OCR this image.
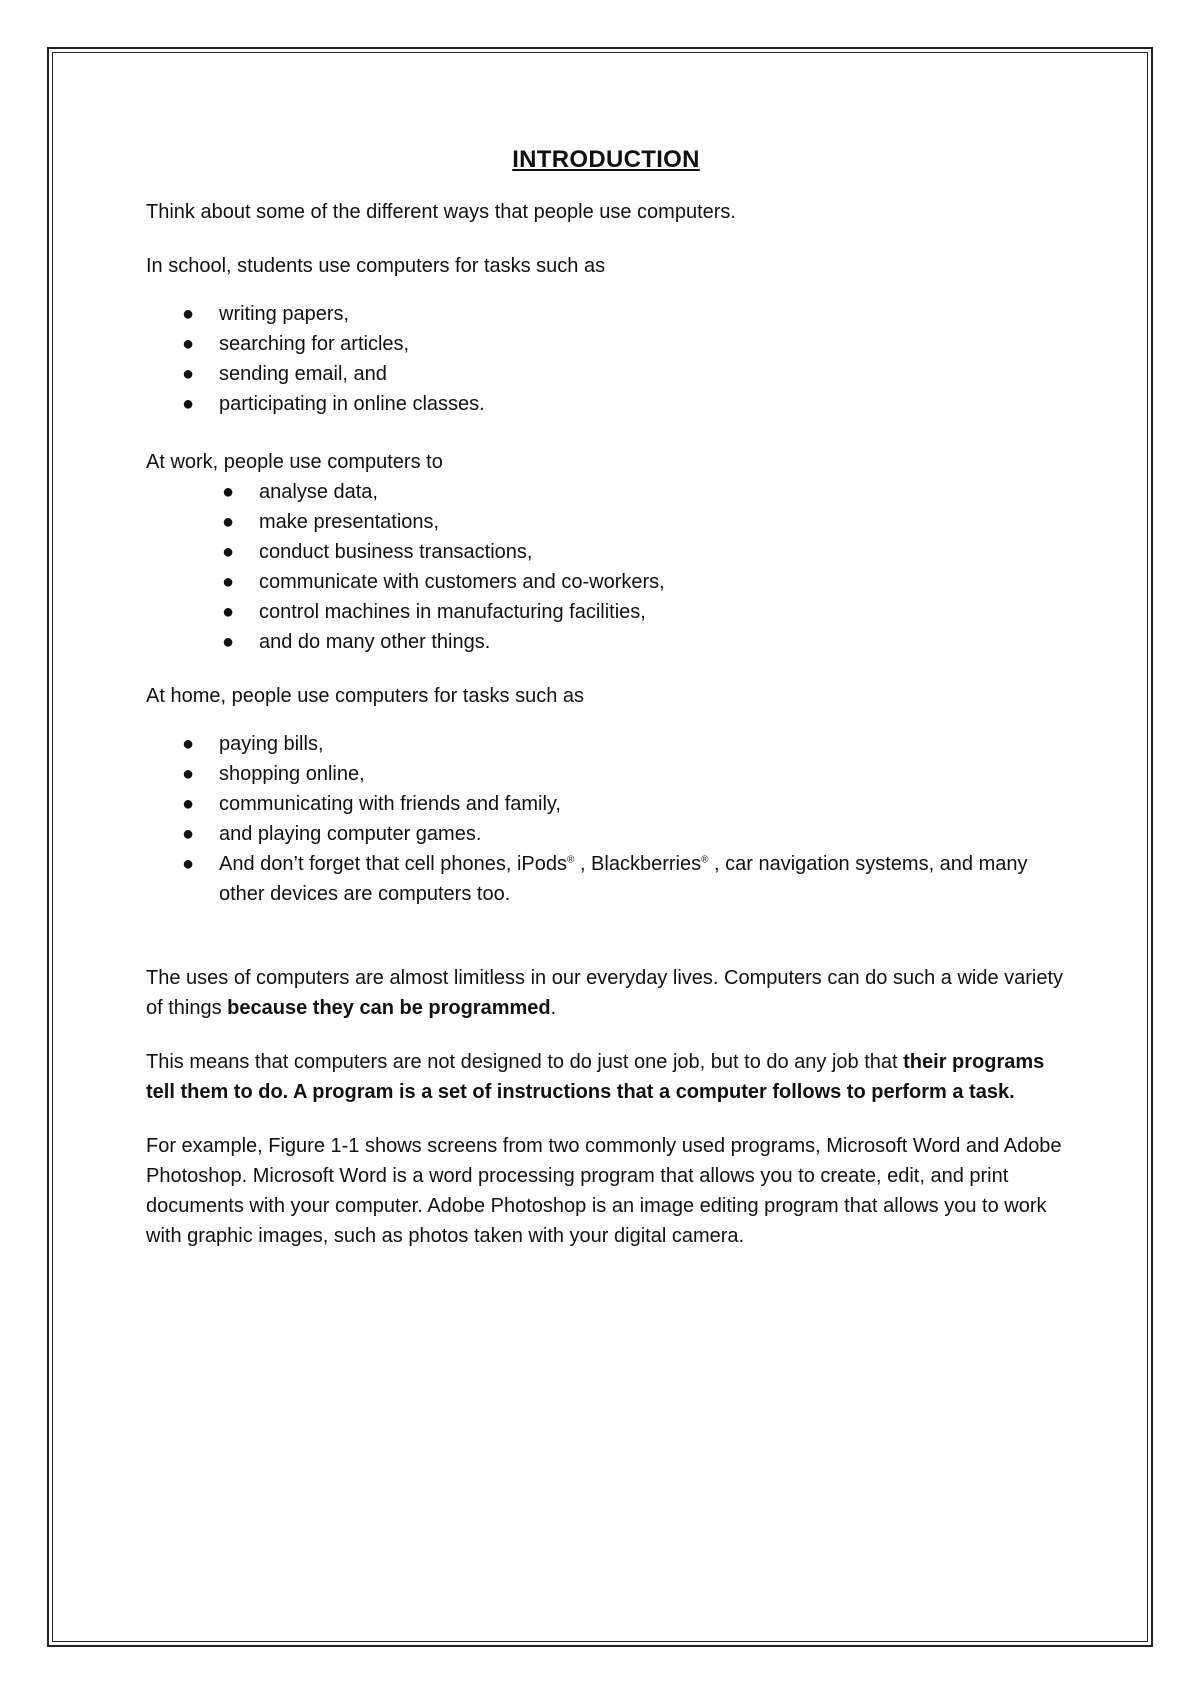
INTRODUCTION

Think about some of the different ways that people use computers.

In school, students use computers for tasks such as

● writing papers,
● searching for articles,
● sending email, and
● participating in online classes.

At work, people use computers to

● analyse data,
● make presentations,
● conduct business transactions,
● communicate with customers and co-workers,
● control machines in manufacturing facilities,
● and do many other things.

At home, people use computers for tasks such as

● paying bills,
● shopping online,
● communicating with friends and family,
● and playing computer games.
● And don’t forget that cell phones, iPods® , Blackberries® , car navigation systems, and many other devices are computers too.

The uses of computers are almost limitless in our everyday lives. Computers can do such a wide variety of things because they can be programmed.

This means that computers are not designed to do just one job, but to do any job that their programs tell them to do. A program is a set of instructions that a computer follows to perform a task.

For example, Figure 1-1 shows screens from two commonly used programs, Microsoft Word and Adobe Photoshop. Microsoft Word is a word processing program that allows you to create, edit, and print documents with your computer. Adobe Photoshop is an image editing program that allows you to work with graphic images, such as photos taken with your digital camera.
